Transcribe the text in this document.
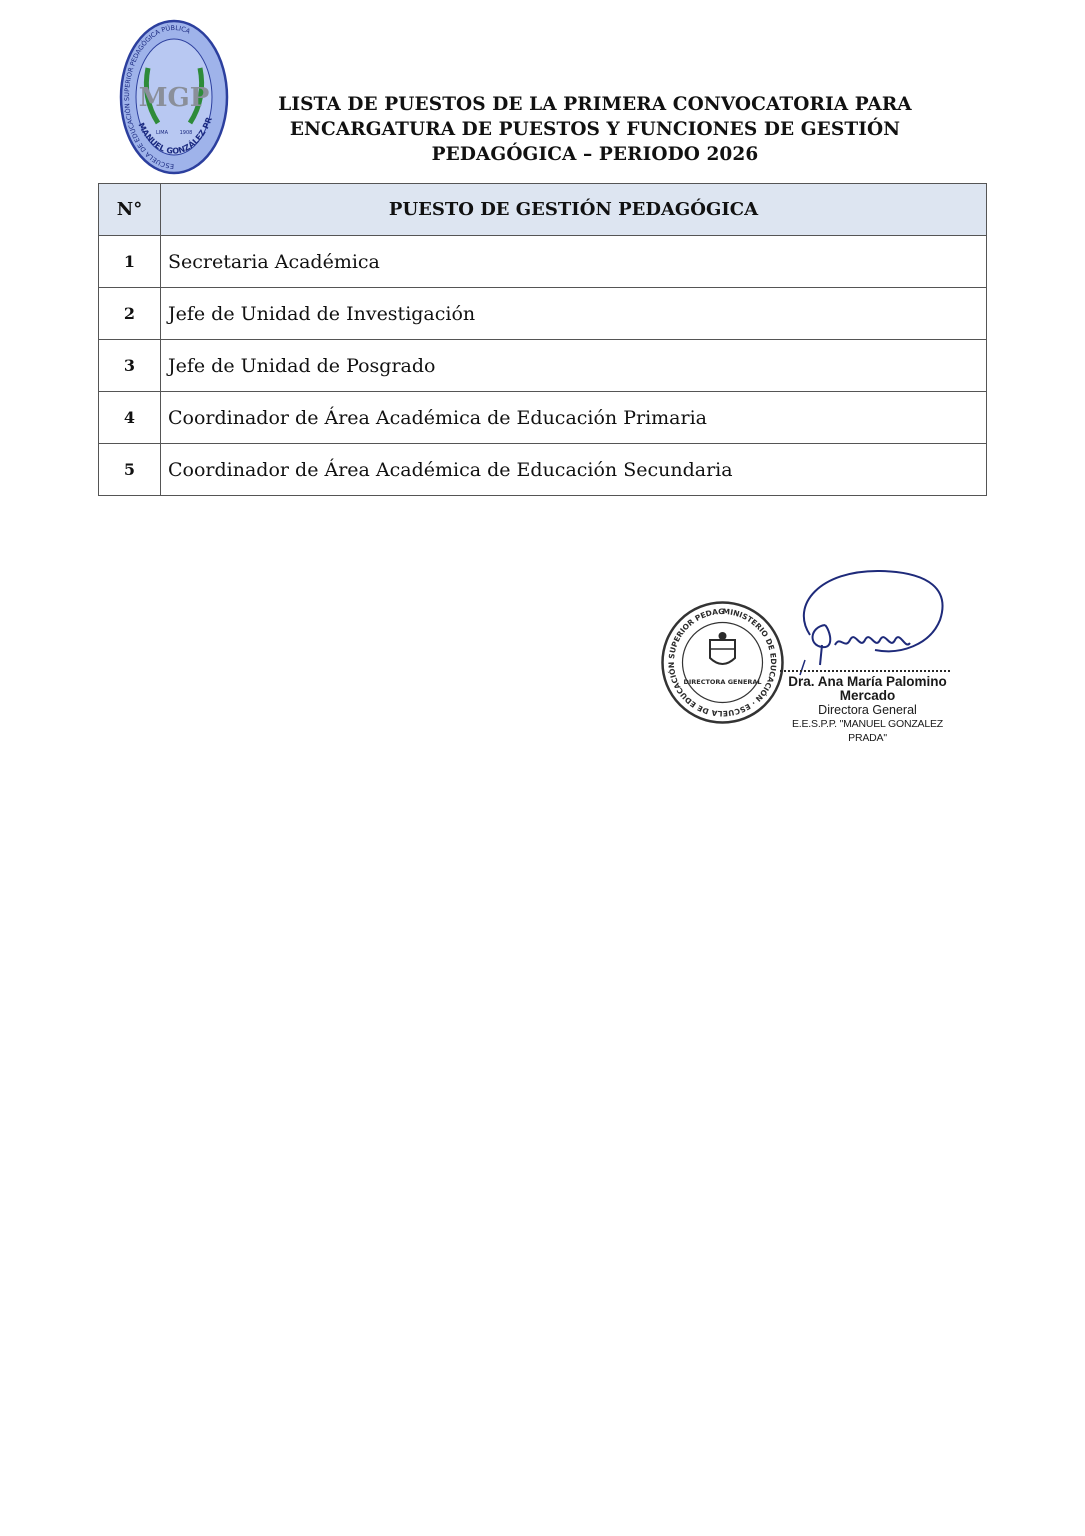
ESCUELA DE EDUCACIÓN SUPERIOR PEDAGÓGICA PÚBLICA
MGP
LIMA 1908
MANUEL GONZÁLEZ PR
LISTA DE PUESTOS DE LA PRIMERA CONVOCATORIA PARA
ENCARGATURA DE PUESTOS Y FUNCIONES DE GESTIÓN
PEDAGÓGICA – PERIODO 2026
N°	PUESTO DE GESTIÓN PEDAGÓGICA
1	Secretaria Académica
2	Jefe de Unidad de Investigación
3	Jefe de Unidad de Posgrado
4	Coordinador de Área Académica de Educación Primaria
5	Coordinador de Área Académica de Educación Secundaria
MINISTERIO DE EDUCACIÓN · ESCUELA DE EDUCACIÓN SUPERIOR PEDAG
DIRECTORA GENERAL	Dra. Ana María Palomino Mercado
Directora General
E.E.S.P.P. "MANUEL GONZALEZ PRADA"
